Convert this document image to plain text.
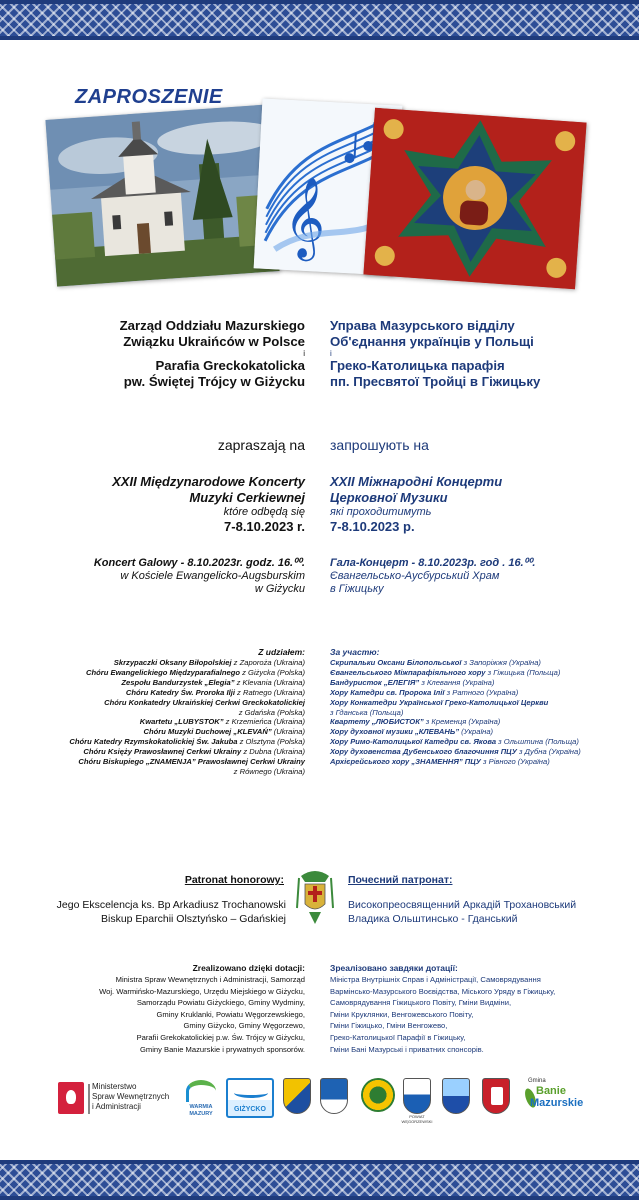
ZAPROSZENIE
𝄞
Zarząd Oddziału Mazurskiego
Związku Ukraińców w Polsce
i
Parafia Greckokatolicka
pw. Świętej Trójcy w Giżycku
Управа Мазурського відділу
Об'єднання українців у Польщі
і
Греко-Католицька парафія
пп. Пресвятої Тройці в Гіжицьку
zapraszają na запрошують на
XXII Międzynarodowe Koncerty
Muzyki Cerkiewnej
które odbędą się
7-8.10.2023 r.
XXII Міжнародні Концерти
Церковної Музики
які проходитимуть
7-8.10.2023 р.
Koncert Galowy - 8.10.2023r. godz. 16.⁰⁰.
w Kościele Ewangelicko-Augsburskim
w Giżycku
Гала-Концерт - 8.10.2023р. год . 16.⁰⁰.
Євангельсько-Аусбурський Храм
в Гіжицьку
Z udziałem:
Skrzypaczki Oksany Biłopolskiej z Zaporoża (Ukraina)
Chóru Ewangelickiego Międzyparafialnego z Giżycka (Polska)
Zespołu Bandurzystek „Elegia” z Klevania (Ukraina)
Chóru Katedry Św. Proroka Ilji z Ratnego (Ukraina)
Chóru Konkatedry Ukraińskiej Cerkwi Greckokatolickiej
z Gdańska (Polska)
Kwartetu „LUBYSTOK” z Krzemieńca (Ukraina)
Chóru Muzyki Duchowej „KLEVAŃ” (Ukraina)
Chóru Katedry Rzymskokatolickiej Św. Jakuba z Olsztyna (Polska)
Chóru Księży Prawosławnej Cerkwi Ukrainy z Dubna (Ukraina)
Chóru Biskupiego „ZNAMENJA” Prawosławnej Cerkwi Ukrainy
z Równego (Ukraina)
За участю:
Скрипальки Оксани Білопольської з Запоріжжя (Україна)
Євангельського Міжпарафіяльного хору з Гіжицька (Польща)
Бандуристок „ЕЛЕГІЯ” з Клевання (Україна)
Хору Катедри св. Пророка Ілії з Ратного (Україна)
Хору Конкатедри Української Греко-Католицької Церкви
з Гданська (Польща)
Квартету „ЛЮБИСТОК” з Кременця (Україна)
Хору духовної музики „КЛЕВАНЬ” (Україна)
Хору Римо-Католицької Катедри св. Якова з Ольштина (Польща)
Хору духовенства Дубенського благочиння ПЦУ з Дубна (Україна)
Архієрейського хору „ЗНАМЕННЯ” ПЦУ з Рівного (Україна)
Patronat honorowy:
Jego Ekscelencja ks. Bp Arkadiusz Trochanowski
Biskup Eparchii Olsztyńsko – Gdańskiej
Почесний патронат:
Високопреосвященний Аркадій Трохановський
Владика Ольштинсько - Гданський
Zrealizowano dzięki dotacji:
Ministra Spraw Wewnętrznych i Administracji, Samorząd
Woj. Warmińsko-Mazurskiego, Urzędu Miejskiego w Giżycku,
Samorządu Powiatu Giżyckiego, Gminy Wydminy,
Gminy Kruklanki, Powiatu Węgorzewskiego,
Gminy Giżycko, Gminy Węgorzewo,
Parafii Grekokatolickiej p.w. Św. Trójcy w Giżycku,
Gminy Banie Mazurskie i prywatnych sponsorów.
Зреалізовано завдяки дотації:
Міністра Внутрішніх Справ і Адміністрації, Самоврядування
Вармінсько-Мазурського Воєвідства, Міського Уряду в Гіжицьку,
Самоврядування Гіжицького Повіту, Гміни Видміни,
Гміни Круклянки, Венгожевського Повіту,
Гміни Гіжицько, Гміни Венгожево,
Греко-Католицької Парафії в Гіжицьку,
Гміни Бані Мазурські і приватних спонсорів.
Ministerstwo
Spraw Wewnętrznych
i Administracji	WARMIA
MAZURY
GIŻYCKO
POWIAT WĘGORZEWSKI
Gmina
Banie
Mazurskie
